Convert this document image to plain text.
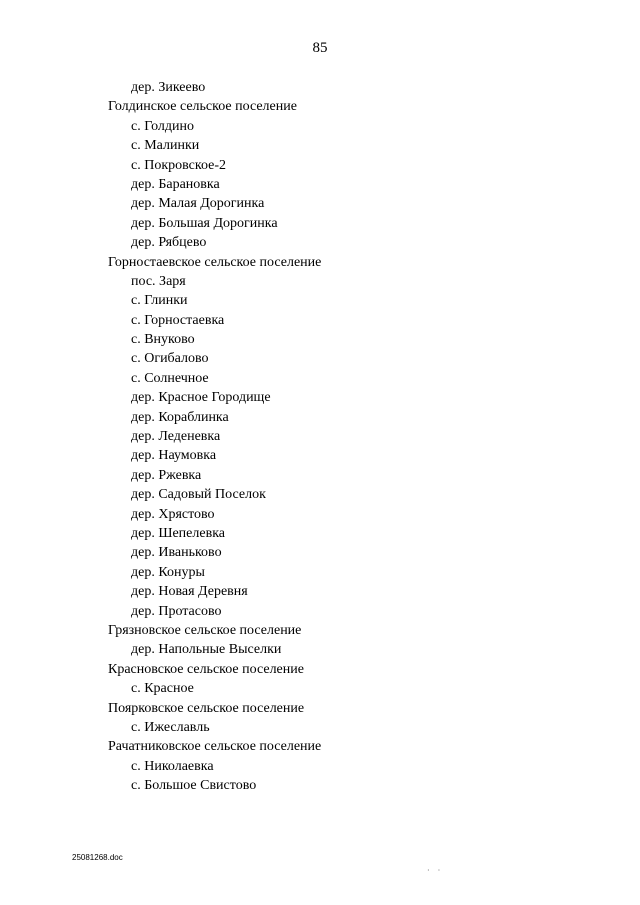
85
дер. Зикеево
Голдинское сельское поселение
с. Голдино
с. Малинки
с. Покровское-2
дер. Барановка
дер. Малая Дорогинка
дер. Большая Дорогинка
дер. Рябцево
Горностаевское сельское поселение
пос. Заря
с. Глинки
с. Горностаевка
с. Внуково
с. Огибалово
с. Солнечное
дер. Красное Городище
дер. Кораблинка
дер. Леденевка
дер. Наумовка
дер. Ржевка
дер. Садовый Поселок
дер. Хрястово
дер. Шепелевка
дер. Иваньково
дер. Конуры
дер. Новая Деревня
дер. Протасово
Грязновское сельское поселение
дер. Напольные Выселки
Красновское сельское поселение
с. Красное
Поярковское сельское поселение
с. Ижеславль
Рачатниковское сельское поселение
с. Николаевка
с. Большое Свистово
25081268.doc
· ·
